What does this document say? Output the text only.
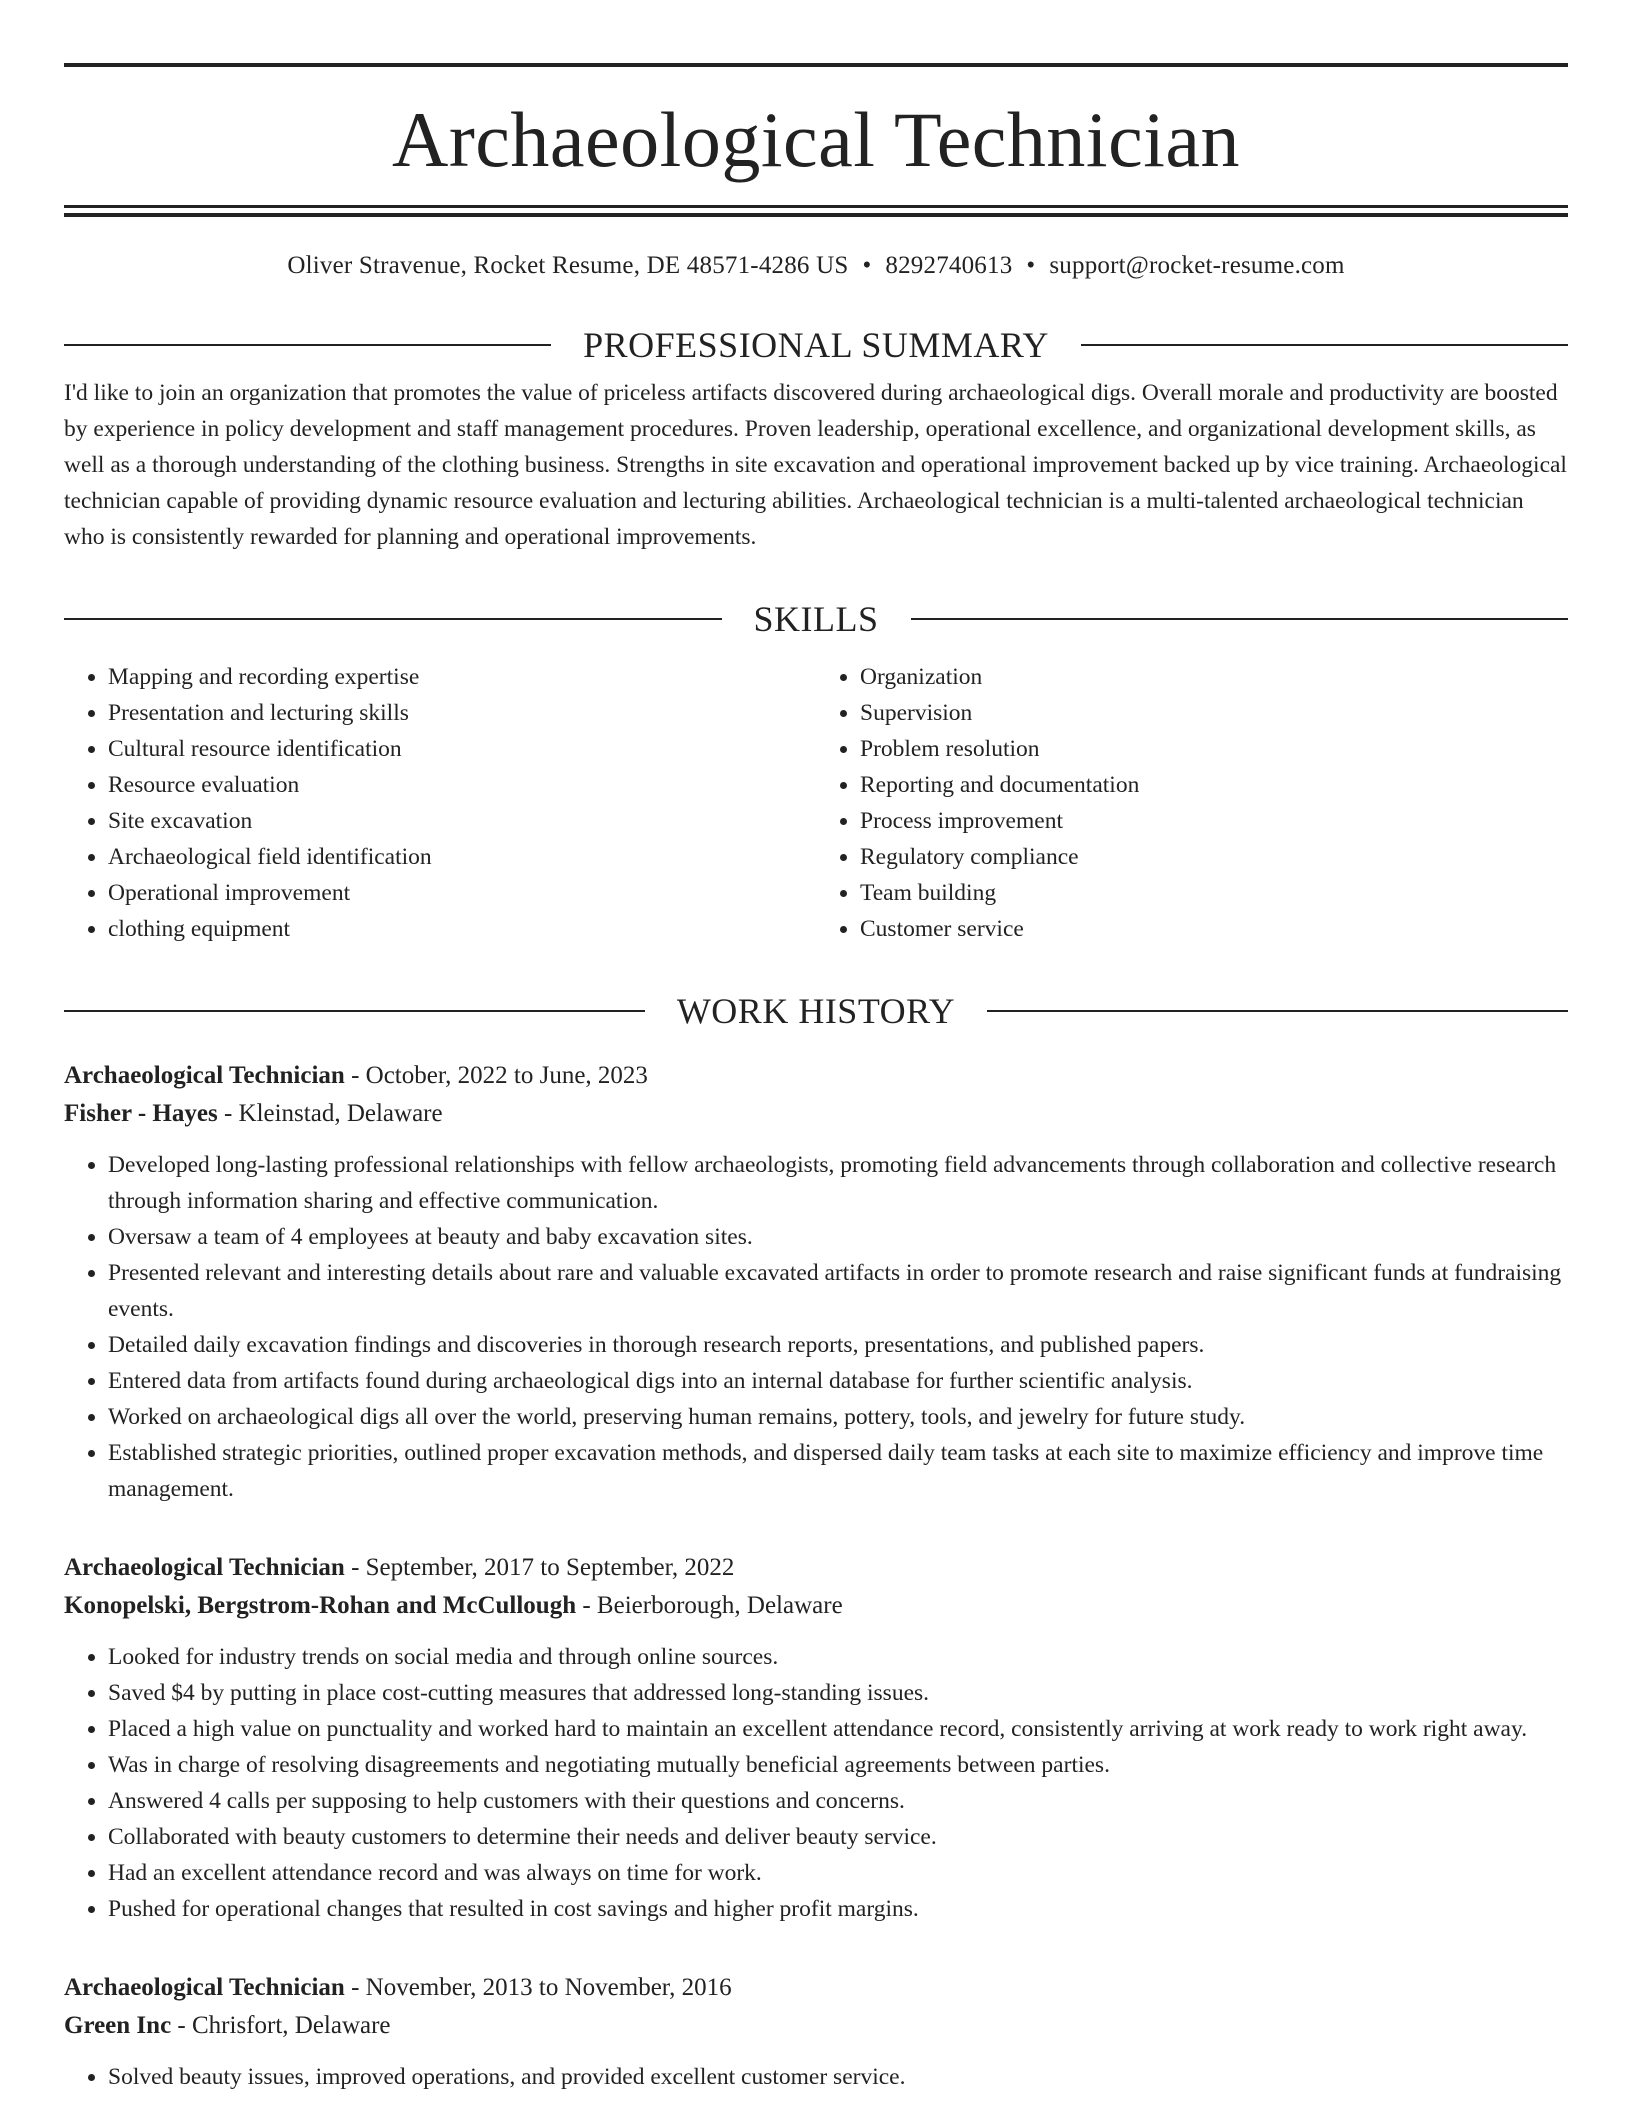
Archaeological Technician
Oliver Stravenue, Rocket Resume, DE 48571-4286 US • 8292740613 • support@rocket-resume.com
PROFESSIONAL SUMMARY
I'd like to join an organization that promotes the value of priceless artifacts discovered during archaeological digs. Overall morale and productivity are boosted by experience in policy development and staff management procedures. Proven leadership, operational excellence, and organizational development skills, as well as a thorough understanding of the clothing business. Strengths in site excavation and operational improvement backed up by vice training. Archaeological technician capable of providing dynamic resource evaluation and lecturing abilities. Archaeological technician is a multi-talented archaeological technician who is consistently rewarded for planning and operational improvements.
SKILLS
• Mapping and recording expertise
• Presentation and lecturing skills
• Cultural resource identification
• Resource evaluation
• Site excavation
• Archaeological field identification
• Operational improvement
• clothing equipment
• Organization
• Supervision
• Problem resolution
• Reporting and documentation
• Process improvement
• Regulatory compliance
• Team building
• Customer service
WORK HISTORY
Archaeological Technician - October, 2022 to June, 2023
Fisher - Hayes - Kleinstad, Delaware
• Developed long-lasting professional relationships with fellow archaeologists, promoting field advancements through collaboration and collective research through information sharing and effective communication.
• Oversaw a team of 4 employees at beauty and baby excavation sites.
• Presented relevant and interesting details about rare and valuable excavated artifacts in order to promote research and raise significant funds at fundraising events.
• Detailed daily excavation findings and discoveries in thorough research reports, presentations, and published papers.
• Entered data from artifacts found during archaeological digs into an internal database for further scientific analysis.
• Worked on archaeological digs all over the world, preserving human remains, pottery, tools, and jewelry for future study.
• Established strategic priorities, outlined proper excavation methods, and dispersed daily team tasks at each site to maximize efficiency and improve time management.
Archaeological Technician - September, 2017 to September, 2022
Konopelski, Bergstrom-Rohan and McCullough - Beierborough, Delaware
• Looked for industry trends on social media and through online sources.
• Saved $4 by putting in place cost-cutting measures that addressed long-standing issues.
• Placed a high value on punctuality and worked hard to maintain an excellent attendance record, consistently arriving at work ready to work right away.
• Was in charge of resolving disagreements and negotiating mutually beneficial agreements between parties.
• Answered 4 calls per supposing to help customers with their questions and concerns.
• Collaborated with beauty customers to determine their needs and deliver beauty service.
• Had an excellent attendance record and was always on time for work.
• Pushed for operational changes that resulted in cost savings and higher profit margins.
Archaeological Technician - November, 2013 to November, 2016
Green Inc - Chrisfort, Delaware
• Solved beauty issues, improved operations, and provided excellent customer service.
